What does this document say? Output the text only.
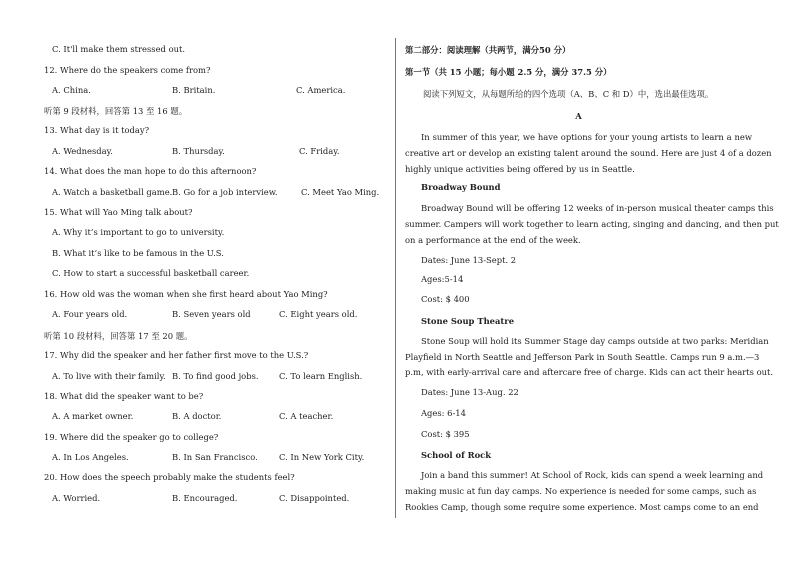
C. It'll make them stressed out.
12. Where do the speakers come from?
A. China.	B. Britain.	C. America.
听第 9 段材料，回答第 13 至 16 题。
13. What day is it today?
A. Wednesday.	B. Thursday.	C. Friday.
14. What does the man hope to do this afternoon?
A. Watch a basketball game. B. Go for a job interview.	C. Meet Yao Ming.
15. What will Yao Ming talk about?
A. Why it’s important to go to university.
B. What it’s like to be famous in the U.S.
C. How to start a successful basketball career.
16. How old was the woman when she first heard about Yao Ming?
A. Four years old.	B. Seven years old	C. Eight years old.
听第 10 段材料，回答第 17 至 20 题。
17. Why did the speaker and her father first move to the U.S.?
A. To live with their family. B. To find good jobs. C. To learn English.
18. What did the speaker want to be?
A. A market owner.	B. A doctor.	C. A teacher.
19. Where did the speaker go to college?
A. In Los Angeles.	B. In San Francisco.	C. In New York City.
20. How does the speech probably make the students feel?
A. Worried.	B. Encouraged.	C. Disappointed.
第二部分：阅读理解（共两节，满分50 分）
第一节（共 15 小题；每小题 2.5 分，满分 37.5 分）
阅读下列短文，从每题所给的四个选项（A、B、C 和 D）中，选出最佳选项。
A
In summer of this year, we have options for your young artists to learn a new
creative art or develop an existing talent around the sound. Here are just 4 of a dozen
highly unique activities being offered by us in Seattle.
Broadway Bound
Broadway Bound will be offering 12 weeks of in-person musical theater camps this
summer. Campers will work together to learn acting, singing and dancing, and then put
on a performance at the end of the week.
Dates: June 13-Sept. 2
Ages:5-14
Cost: $ 400
Stone Soup Theatre
Stone Soup will hold its Summer Stage day camps outside at two parks: Meridian
Playfield in North Seattle and Jefferson Park in South Seattle. Camps run 9 a.m.—3
p.m, with early-arrival care and aftercare free of charge. Kids can act their hearts out.
Dates: June 13-Aug. 22
Ages: 6-14
Cost: $ 395
School of Rock
Join a band this summer! At School of Rock, kids can spend a week learning and
making music at fun day camps. No experience is needed for some camps, such as
Rookies Camp, though some require some experience. Most camps come to an end
